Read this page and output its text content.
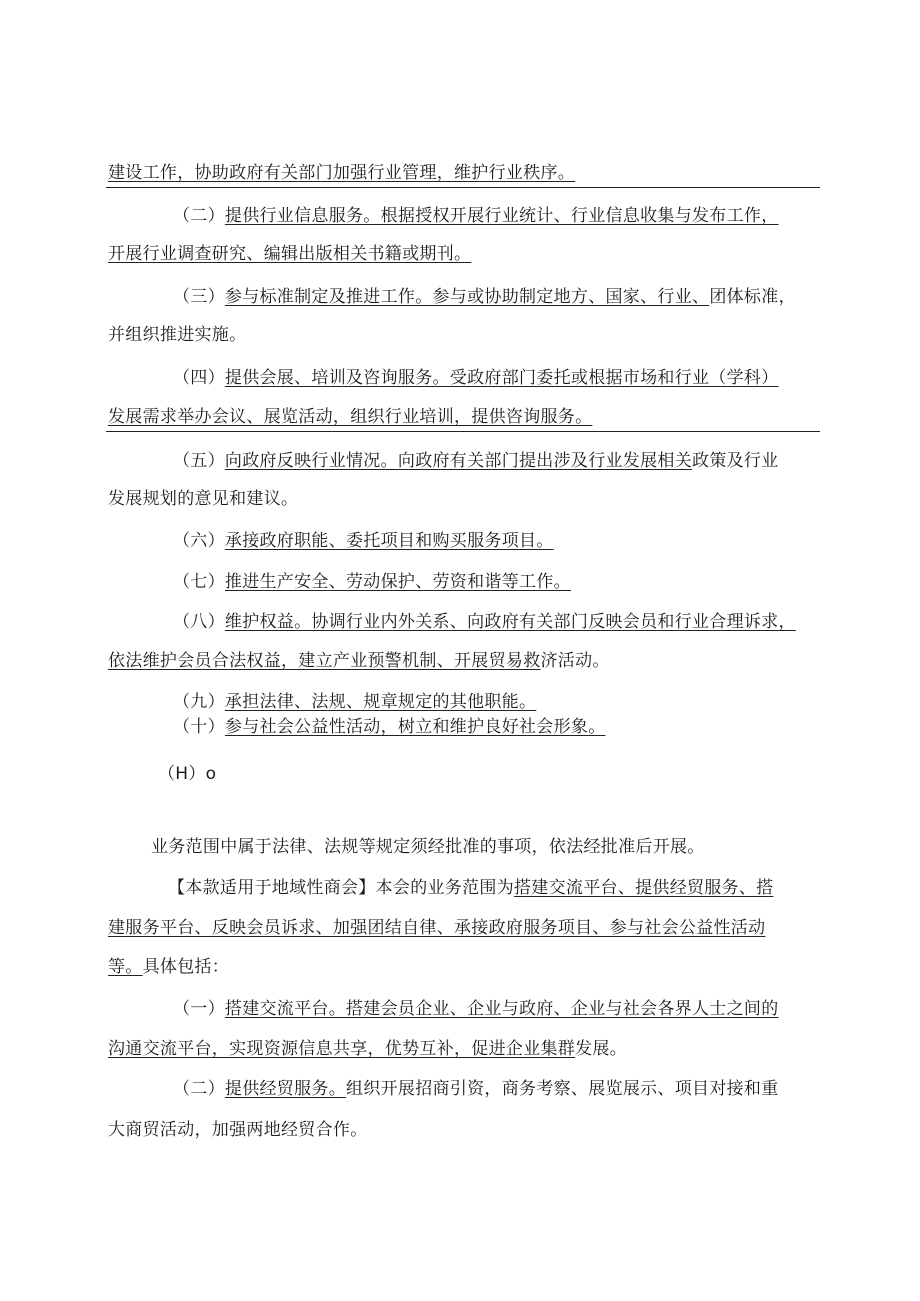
建设工作，协助政府有关部门加强行业管理，维护行业秩序。
（二）提供行业信息服务。根据授权开展行业统计、行业信息收集与发布工作，
开展行业调查研究、编辑出版相关书籍或期刊。
（三）参与标准制定及推进工作。参与或协助制定地方、国家、行业、团体标准，
并组织推进实施。
（四）提供会展、培训及咨询服务。受政府部门委托或根据市场和行业（学科）
发展需求举办会议、展览活动，组织行业培训，提供咨询服务。
（五）向政府反映行业情况。向政府有关部门提出涉及行业发展相关政策及行业
发展规划的意见和建议。
（六）承接政府职能、委托项目和购买服务项目。
（七）推进生产安全、劳动保护、劳资和谐等工作。
（八）维护权益。协调行业内外关系、向政府有关部门反映会员和行业合理诉求，
依法维护会员合法权益，建立产业预警机制、开展贸易救济活动。
（九）承担法律、法规、规章规定的其他职能。
（十）参与社会公益性活动，树立和维护良好社会形象。
（H）o
业务范围中属于法律、法规等规定须经批准的事项，依法经批准后开展。
【本款适用于地域性商会】本会的业务范围为搭建交流平台、提供经贸服务、搭
建服务平台、反映会员诉求、加强团结自律、承接政府服务项目、参与社会公益性活动
等。具体包括：
（一）搭建交流平台。搭建会员企业、企业与政府、企业与社会各界人士之间的
沟通交流平台，实现资源信息共享，优势互补，促进企业集群发展。
（二）提供经贸服务。组织开展招商引资，商务考察、展览展示、项目对接和重
大商贸活动，加强两地经贸合作。
